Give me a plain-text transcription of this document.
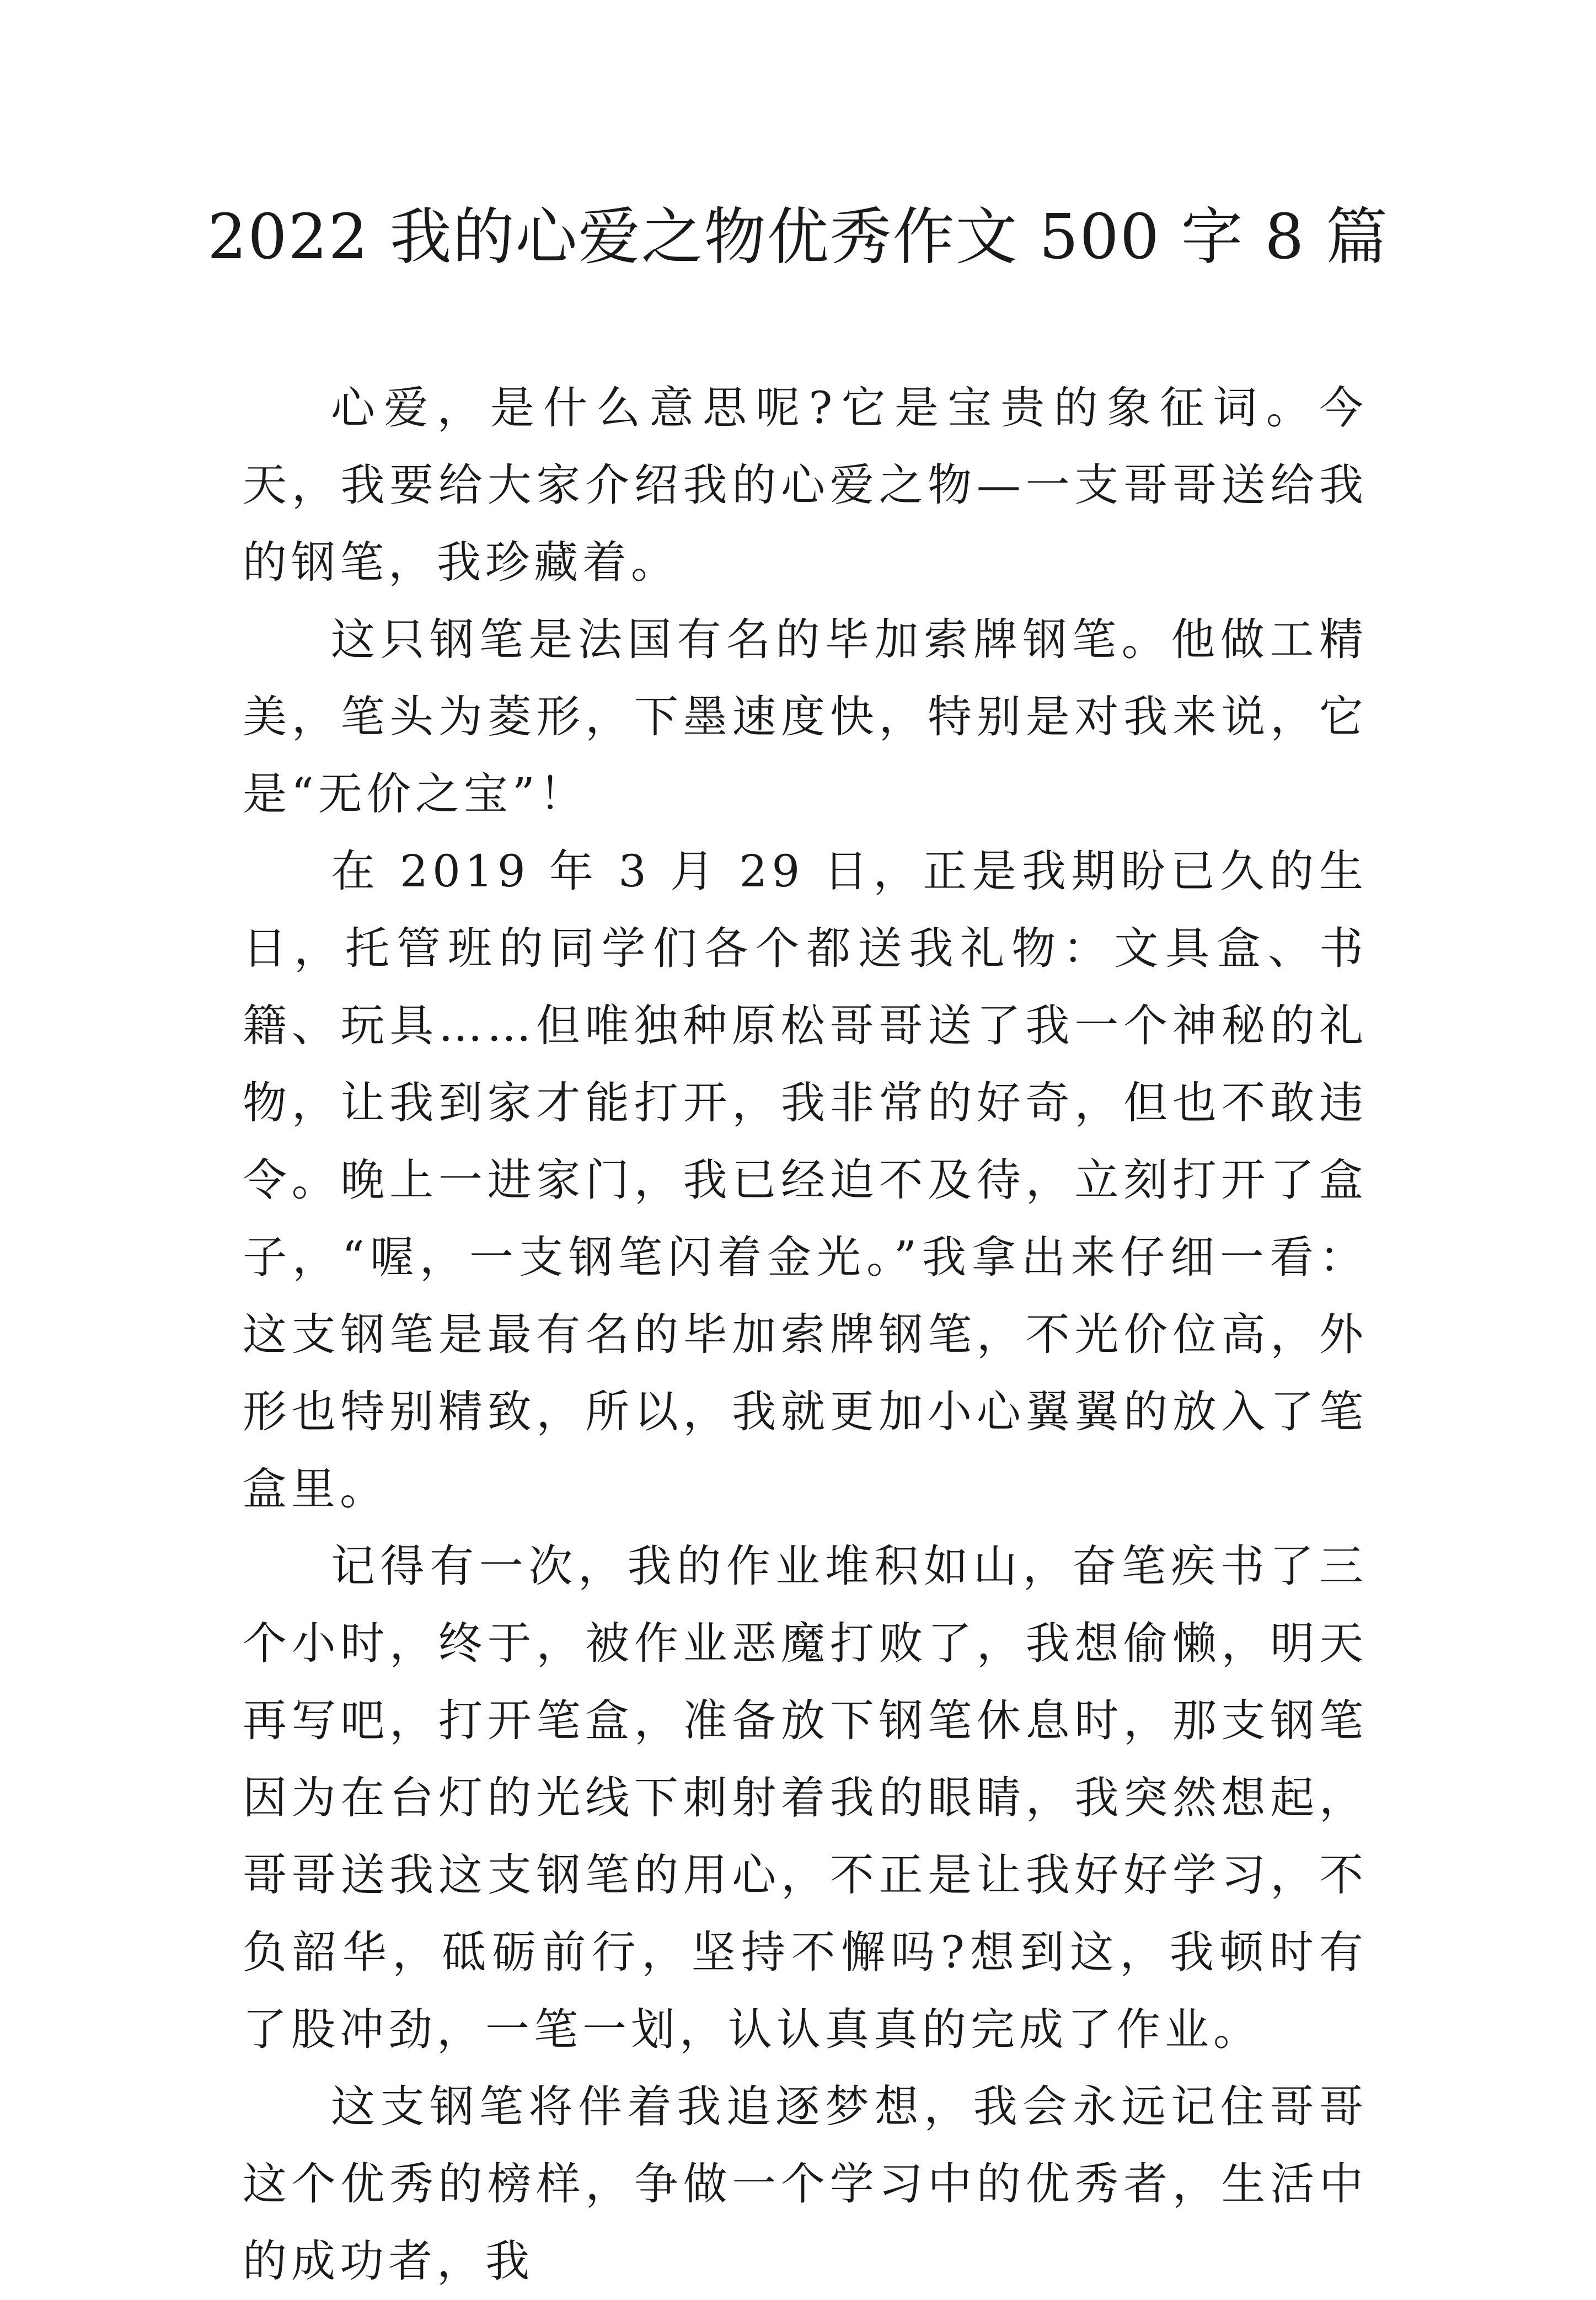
2022 我的心爱之物优秀作文 500 字 8 篇

心爱，是什么意思呢?它是宝贵的象征词。今天，我要给大家介绍我的心爱之物—一支哥哥送给我的钢笔，我珍藏着。

这只钢笔是法国有名的毕加索牌钢笔。他做工精美，笔头为菱形，下墨速度快，特别是对我来说，它是“无价之宝”！

在 2019 年 3 月 29 日，正是我期盼已久的生日，托管班的同学们各个都送我礼物：文具盒、书籍、玩具……但唯独种原松哥哥送了我一个神秘的礼物，让我到家才能打开，我非常的好奇，但也不敢违令。晚上一进家门，我已经迫不及待，立刻打开了盒子，“喔，一支钢笔闪着金光。”我拿出来仔细一看：这支钢笔是最有名的毕加索牌钢笔，不光价位高，外形也特别精致，所以，我就更加小心翼翼的放入了笔盒里。

记得有一次，我的作业堆积如山，奋笔疾书了三个小时，终于，被作业恶魔打败了，我想偷懒，明天再写吧，打开笔盒，准备放下钢笔休息时，那支钢笔因为在台灯的光线下刺射着我的眼睛，我突然想起，哥哥送我这支钢笔的用心，不正是让我好好学习，不负韶华，砥砺前行，坚持不懈吗?想到这，我顿时有了股冲劲，一笔一划，认认真真的完成了作业。

这支钢笔将伴着我追逐梦想，我会永远记住哥哥这个优秀的榜样，争做一个学习中的优秀者，生活中的成功者，我
